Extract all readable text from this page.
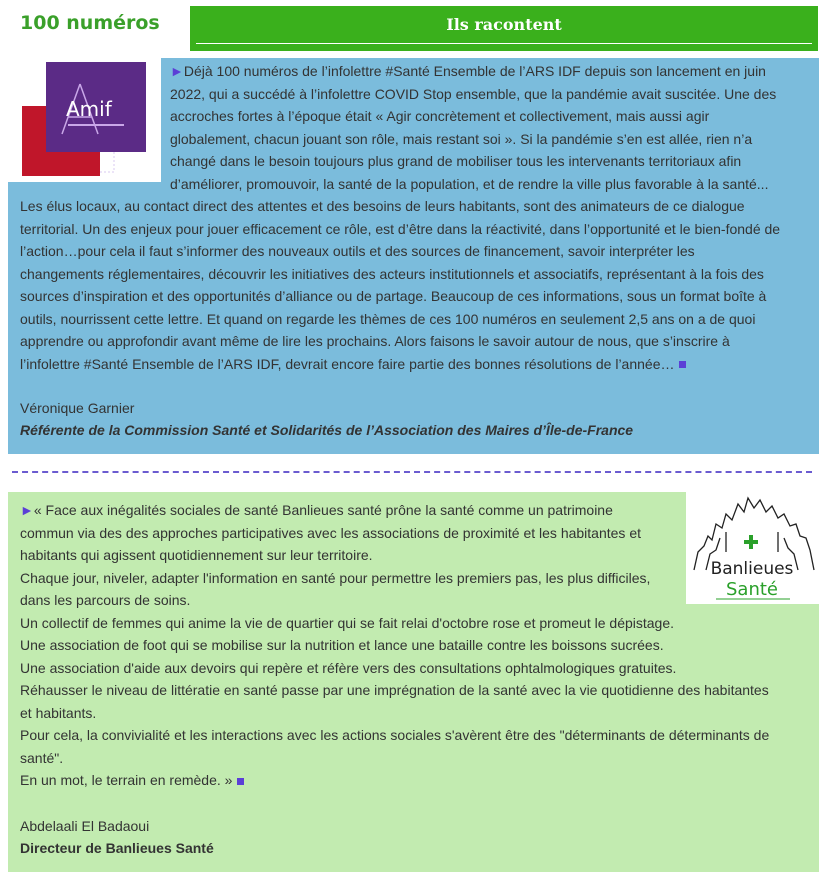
100 numéros	Ils racontent
Amif
►Déjà 100 numéros de l’infolettre #Santé Ensemble de l’ARS IDF depuis son lancement en juin
2022, qui a succédé à l’infolettre COVID Stop ensemble, que la pandémie avait suscitée. Une des
accroches fortes à l’époque était « Agir concrètement et collectivement, mais aussi agir
globalement, chacun jouant son rôle, mais restant soi ». Si la pandémie s’en est allée, rien n’a
changé dans le besoin toujours plus grand de mobiliser tous les intervenants territoriaux afin
d’améliorer, promouvoir, la santé de la population, et de rendre la ville plus favorable à la santé...
Les élus locaux, au contact direct des attentes et des besoins de leurs habitants, sont des animateurs de ce dialogue
territorial. Un des enjeux pour jouer efficacement ce rôle, est d’être dans la réactivité, dans l’opportunité et le bien-fondé de
l’action…pour cela il faut s’informer des nouveaux outils et des sources de financement, savoir interpréter les
changements réglementaires, découvrir les initiatives des acteurs institutionnels et associatifs, représentant à la fois des
sources d’inspiration et des opportunités d’alliance ou de partage. Beaucoup de ces informations, sous un format boîte à
outils, nourrissent cette lettre. Et quand on regarde les thèmes de ces 100 numéros en seulement 2,5 ans on a de quoi
apprendre ou approfondir avant même de lire les prochains. Alors faisons le savoir autour de nous, que s’inscrire à
l’infolettre #Santé Ensemble de l’ARS IDF, devrait encore faire partie des bonnes résolutions de l’année…
Véronique Garnier
Référente de la Commission Santé et Solidarités de l’Association des Maires d’Île-de-France
Banlieues
Santé
►« Face aux inégalités sociales de santé Banlieues santé prône la santé comme un patrimoine
commun via des des approches participatives avec les associations de proximité et les habitantes et
habitants qui agissent quotidiennement sur leur territoire.
Chaque jour, niveler, adapter l'information en santé pour permettre les premiers pas, les plus difficiles,
dans les parcours de soins.
Un collectif de femmes qui anime la vie de quartier qui se fait relai d'octobre rose et promeut le dépistage.
Une association de foot qui se mobilise sur la nutrition et lance une bataille contre les boissons sucrées.
Une association d'aide aux devoirs qui repère et réfère vers des consultations ophtalmologiques gratuites.
Réhausser le niveau de littératie en santé passe par une imprégnation de la santé avec la vie quotidienne des habitantes
et habitants.
Pour cela, la convivialité et les interactions avec les actions sociales s'avèrent être des "déterminants de déterminants de
santé".
En un mot, le terrain en remède. »
Abdelaali El Badaoui
Directeur de Banlieues Santé
